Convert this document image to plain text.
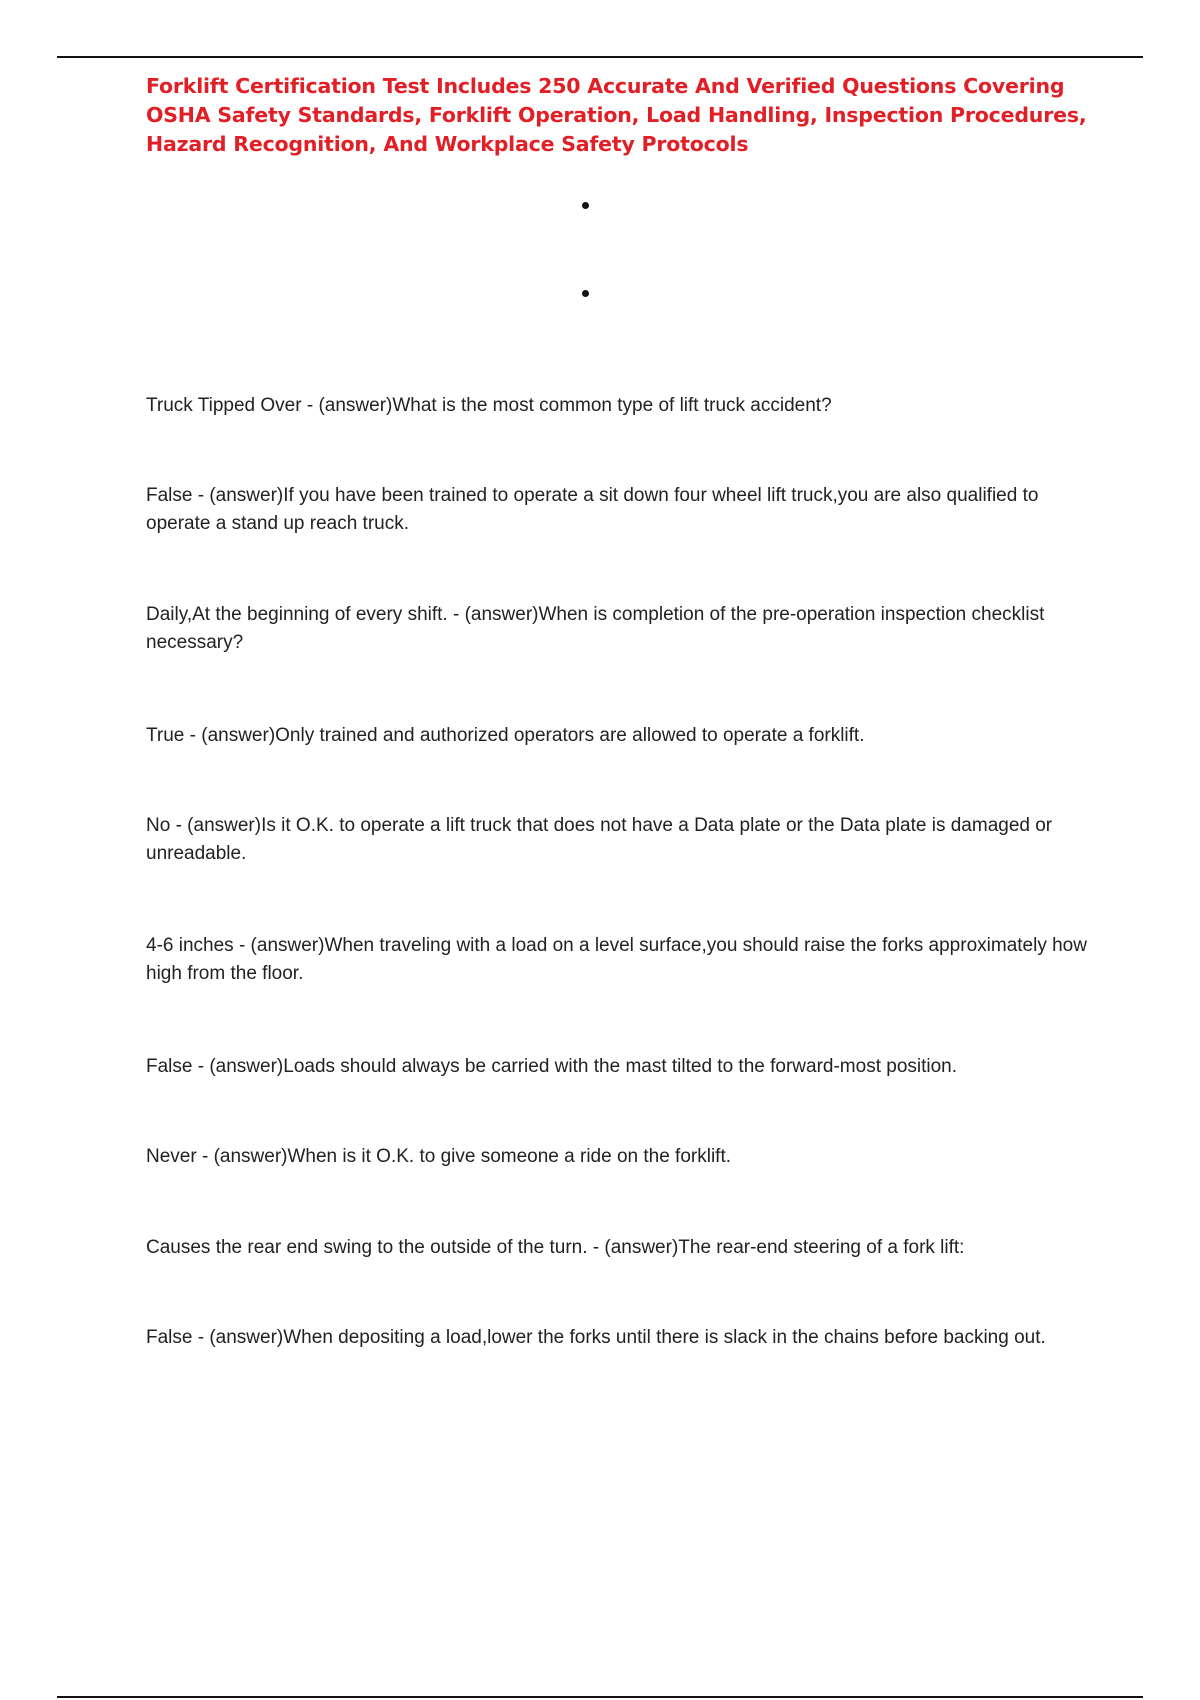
Forklift Certification Test Includes 250 Accurate And Verified Questions Covering OSHA Safety Standards, Forklift Operation, Load Handling, Inspection Procedures, Hazard Recognition, And Workplace Safety Protocols
Truck Tipped Over - (answer)What is the most common type of lift truck accident?
False - (answer)If you have been trained to operate a sit down four wheel lift truck,you are also qualified to operate a stand up reach truck.
Daily,At the beginning of every shift. - (answer)When is completion of the pre-operation inspection checklist necessary?
True - (answer)Only trained and authorized operators are allowed to operate a forklift.
No - (answer)Is it O.K. to operate a lift truck that does not have a Data plate or the Data plate is damaged or unreadable.
4-6 inches - (answer)When traveling with a load on a level surface,you should raise the forks approximately how high from the floor.
False - (answer)Loads should always be carried with the mast tilted to the forward-most position.
Never - (answer)When is it O.K. to give someone a ride on the forklift.
Causes the rear end swing to the outside of the turn. - (answer)The rear-end steering of a fork lift:
False - (answer)When depositing a load,lower the forks until there is slack in the chains before backing out.
